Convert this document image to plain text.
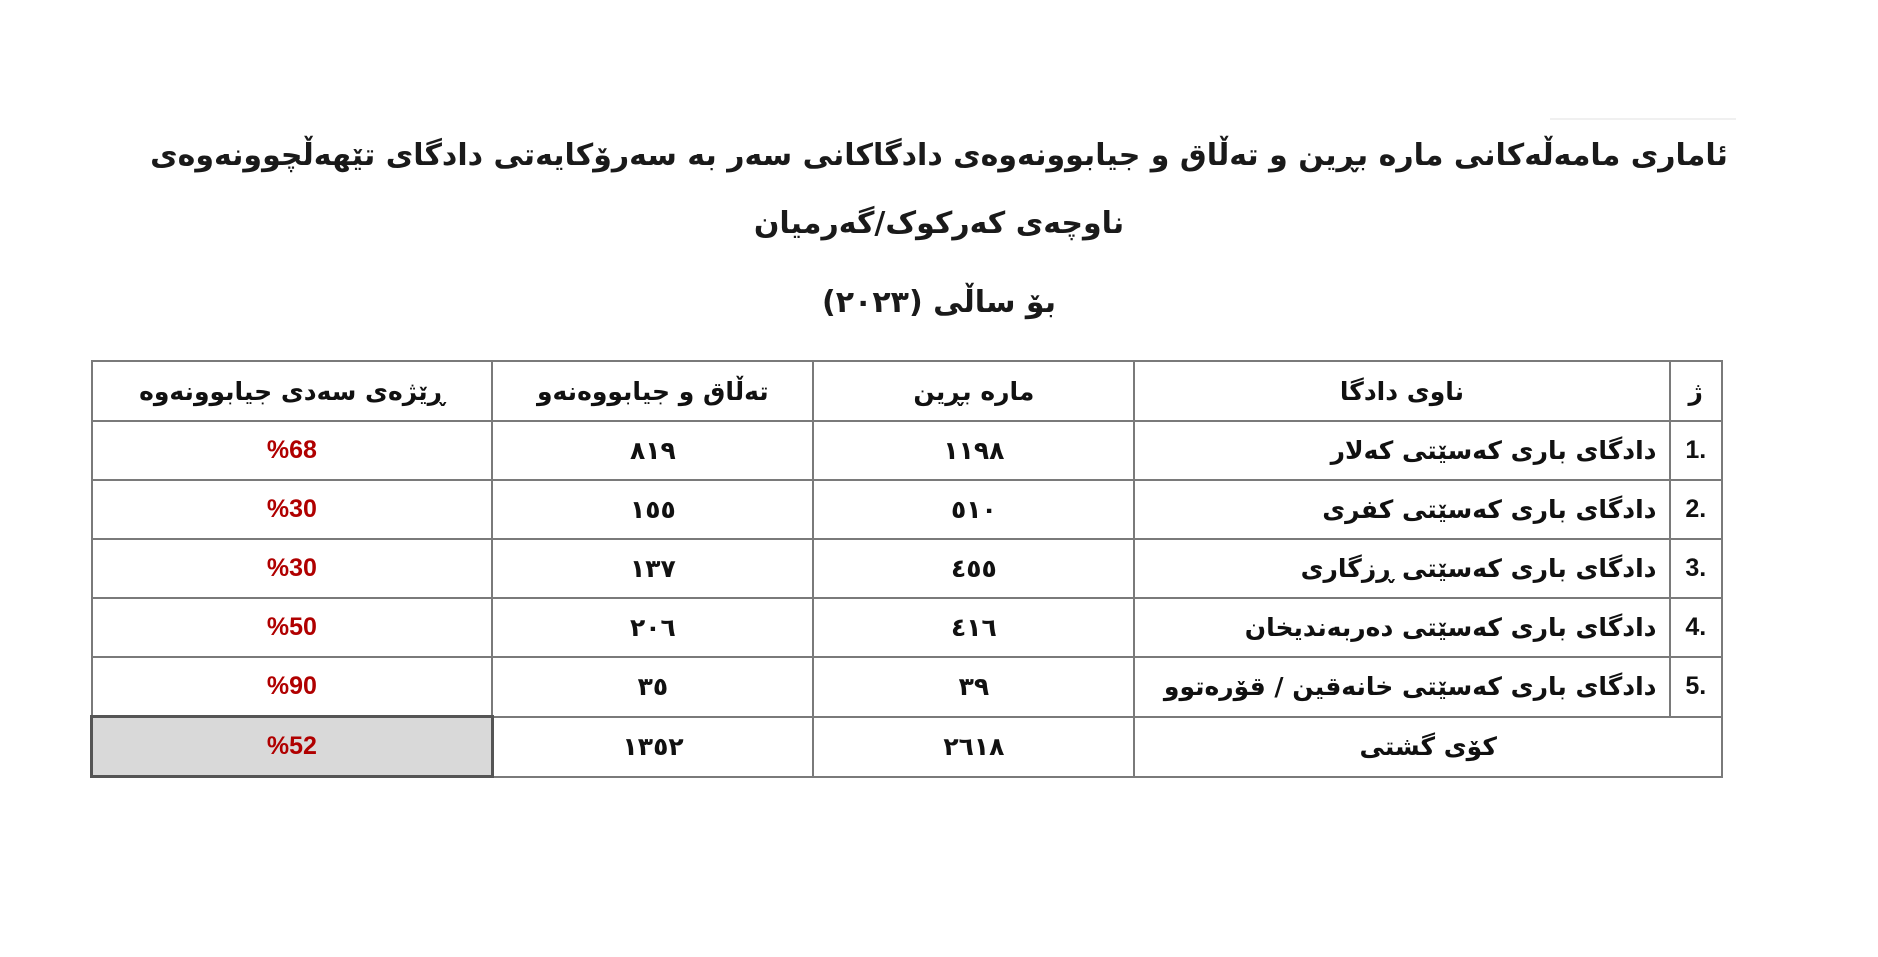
ئاماری مامەڵەکانی مارە بڕین و تەڵاق و جیابوونەوەی دادگاکانی سەر بە سەرۆکایەتی دادگای تێهەڵچوونەوەی
ناوچەی کەرکوک/گەرمیان
بۆ ساڵی (٢٠٢٣)
ڕێژەی سەدی جیابوونەوە	تەڵاق و جیابووەنەو	مارە بڕین	ناوی دادگا	ژ
%68	٨١٩	١١٩٨	دادگای باری کەسێتی کەلار	1.
%30	١٥٥	٥١٠	دادگای باری کەسێتی کفری	2.
%30	١٣٧	٤٥٥	دادگای باری کەسێتی ڕزگاری	3.
%50	٢٠٦	٤١٦	دادگای باری کەسێتی دەربەندیخان	4.
%90	٣٥	٣٩	دادگای باری کەسێتی خانەقین / قۆرەتوو	5.
%52	١٣٥٢	٢٦١٨	کۆی گشتی	
